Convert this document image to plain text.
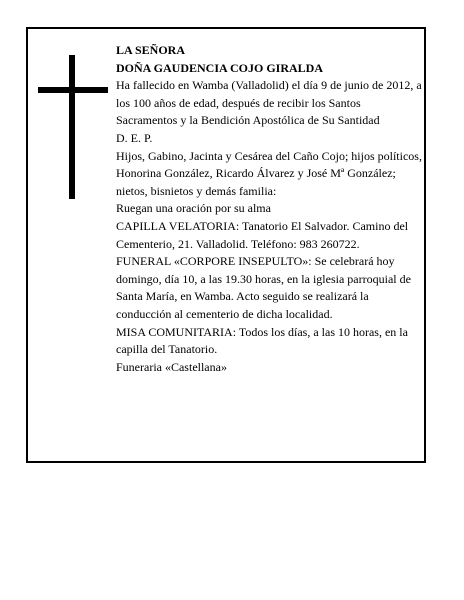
LA SEÑORA

DOÑA GAUDENCIA COJO GIRALDA

Ha fallecido en Wamba (Valladolid) el día 9 de junio de 2012, a los 100 años de edad, después de recibir los Santos Sacramentos y la Bendición Apostólica de Su Santidad

D. E. P.

Hijos, Gabino, Jacinta y Cesárea del Caño Cojo; hijos políticos, Honorina González, Ricardo Álvarez y José Mª González; nietos, bisnietos y demás familia:

Ruegan una oración por su alma

CAPILLA VELATORIA: Tanatorio El Salvador. Camino del Cementerio, 21. Valladolid. Teléfono: 983 260722.

FUNERAL «CORPORE INSEPULTO»: Se celebrará hoy domingo, día 10, a las 19.30 horas, en la iglesia parroquial de Santa María, en Wamba. Acto seguido se realizará la conducción al cementerio de dicha localidad.

MISA COMUNITARIA: Todos los días, a las 10 horas, en la capilla del Tanatorio.

Funeraria «Castellana»
